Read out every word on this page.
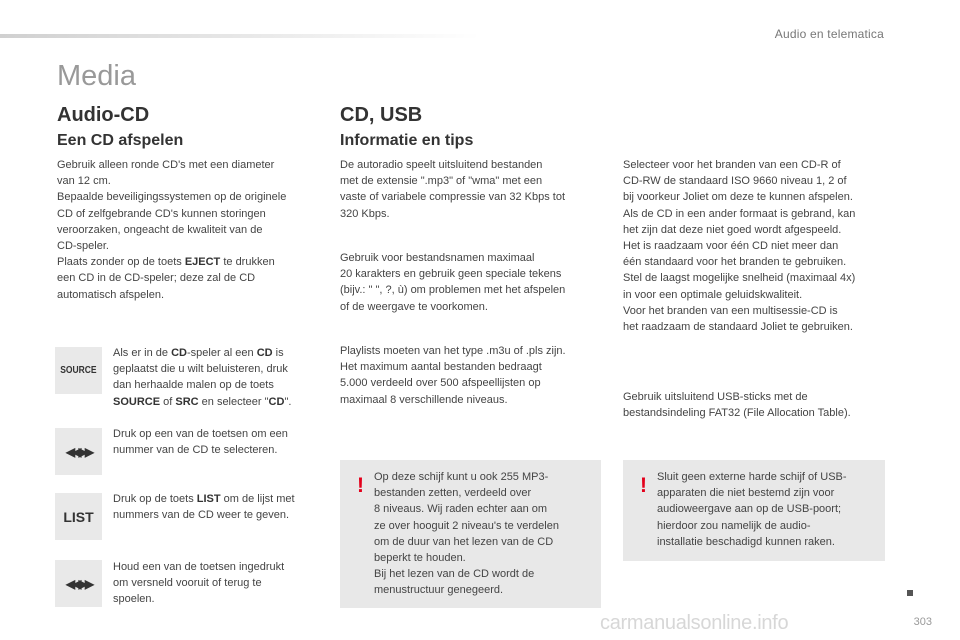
Audio en telematica
Media
Audio-CD
Een CD afspelen
Gebruik alleen ronde CD's met een diameter
van 12 cm.
Bepaalde beveiligingssystemen op de originele
CD of zelfgebrande CD's kunnen storingen
veroorzaken, ongeacht de kwaliteit van de
CD-speler.
Plaats zonder op de toets EJECT te drukken
een CD in de CD-speler; deze zal de CD
automatisch afspelen.
SOURCE
Als er in de CD-speler al een CD is
geplaatst die u wilt beluisteren, druk
dan herhaalde malen op de toets
SOURCE of SRC en selecteer "CD".
◀◀ ▶▶
Druk op een van de toetsen om een
nummer van de CD te selecteren.
LIST
Druk op de toets LIST om de lijst met
nummers van de CD weer te geven.
◀◀ ▶▶
Houd een van de toetsen ingedrukt
om versneld vooruit of terug te
spoelen.
CD, USB
Informatie en tips
De autoradio speelt uitsluitend bestanden
met de extensie ".mp3" of "wma" met een
vaste of variabele compressie van 32 Kbps tot
320 Kbps.
Gebruik voor bestandsnamen maximaal
20 karakters en gebruik geen speciale tekens
(bijv.: " ", ?, ù) om problemen met het afspelen
of de weergave te voorkomen.
Playlists moeten van het type .m3u of .pls zijn.
Het maximum aantal bestanden bedraagt
5.000 verdeeld over 500 afspeellijsten op
maximaal 8 verschillende niveaus.
! Op deze schijf kunt u ook 255 MP3-
bestanden zetten, verdeeld over
8 niveaus. Wij raden echter aan om
ze over hooguit 2 niveau's te verdelen
om de duur van het lezen van de CD
beperkt te houden.
Bij het lezen van de CD wordt de
menustructuur genegeerd.
Selecteer voor het branden van een CD-R of
CD-RW de standaard ISO 9660 niveau 1, 2 of
bij voorkeur Joliet om deze te kunnen afspelen.
Als de CD in een ander formaat is gebrand, kan
het zijn dat deze niet goed wordt afgespeeld.
Het is raadzaam voor één CD niet meer dan
één standaard voor het branden te gebruiken.
Stel de laagst mogelijke snelheid (maximaal 4x)
in voor een optimale geluidskwaliteit.
Voor het branden van een multisessie-CD is
het raadzaam de standaard Joliet te gebruiken.
Gebruik uitsluitend USB-sticks met de
bestandsindeling FAT32 (File Allocation Table).
! Sluit geen externe harde schijf of USB-
apparaten die niet bestemd zijn voor
audioweergave aan op de USB-poort;
hierdoor zou namelijk de audio-
installatie beschadigd kunnen raken.
303
carmanualsonline.info
